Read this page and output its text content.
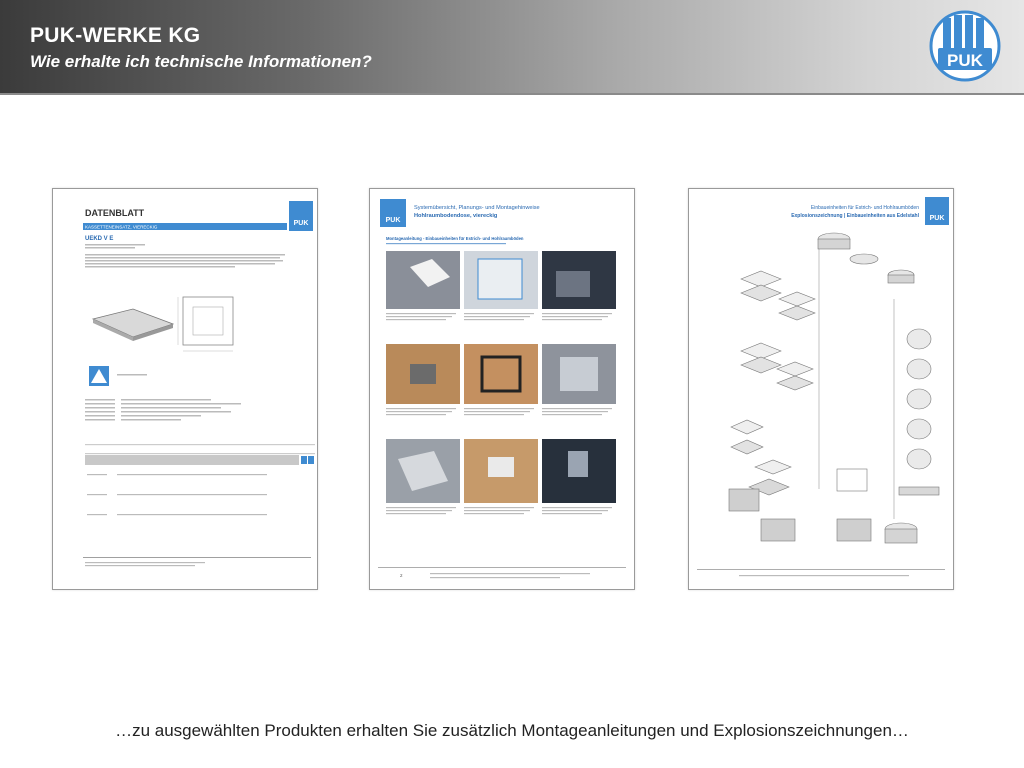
PUK-WERKE KG
Wie erhalte ich technische Informationen?	PUK
DATENBLATT
PUK
KASSETTENEINSATZ, VIERECKIG
UEKD V E
PUK
Systemübersicht, Planungs- und Montagehinweise
Hohlraumbodendose, viereckig
Montageanleitung - Einbaueinheiten für Estrich- und Hohlraumböden
2
Einbaueinheiten für Estrich- und Hohlraumböden
Explosionszeichnung | Einbaueinheiten aus Edelstahl PUK
…zu ausgewählten Produkten erhalten Sie zusätzlich Montageanleitungen und Explosionszeichnungen…
